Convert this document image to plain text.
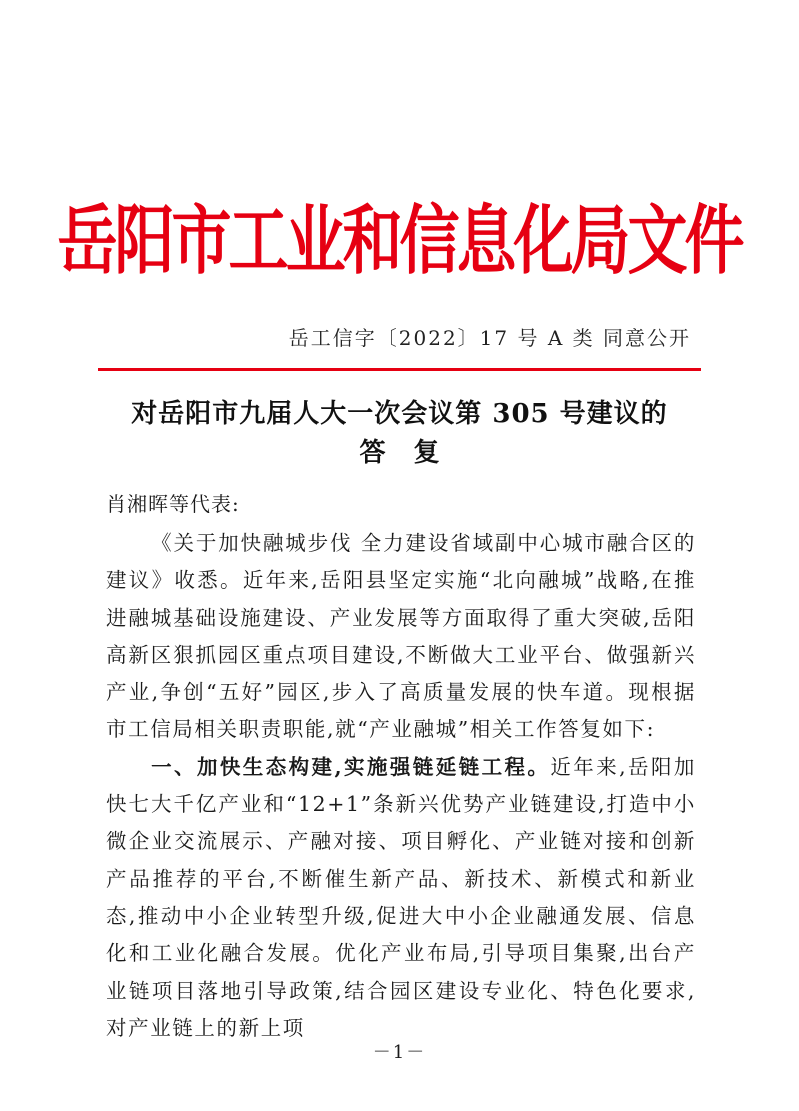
岳阳市工业和信息化局文件
岳工信字〔2022〕17 号 A 类 同意公开
对岳阳市九届人大一次会议第 305 号建议的
答复
肖湘晖等代表:

《关于加快融城步伐 全力建设省域副中心城市融合区的建议》收悉。近年来,岳阳县坚定实施“北向融城”战略,在推进融城基础设施建设、产业发展等方面取得了重大突破,岳阳高新区狠抓园区重点项目建设,不断做大工业平台、做强新兴产业,争创“五好”园区,步入了高质量发展的快车道。现根据市工信局相关职责职能,就“产业融城”相关工作答复如下:

一、加快生态构建,实施强链延链工程。近年来,岳阳加快七大千亿产业和“12+1”条新兴优势产业链建设,打造中小微企业交流展示、产融对接、项目孵化、产业链对接和创新产品推荐的平台,不断催生新产品、新技术、新模式和新业态,推动中小企业转型升级,促进大中小企业融通发展、信息化和工业化融合发展。优化产业布局,引导项目集聚,出台产业链项目落地引导政策,结合园区建设专业化、特色化要求,对产业链上的新上项

－1－
